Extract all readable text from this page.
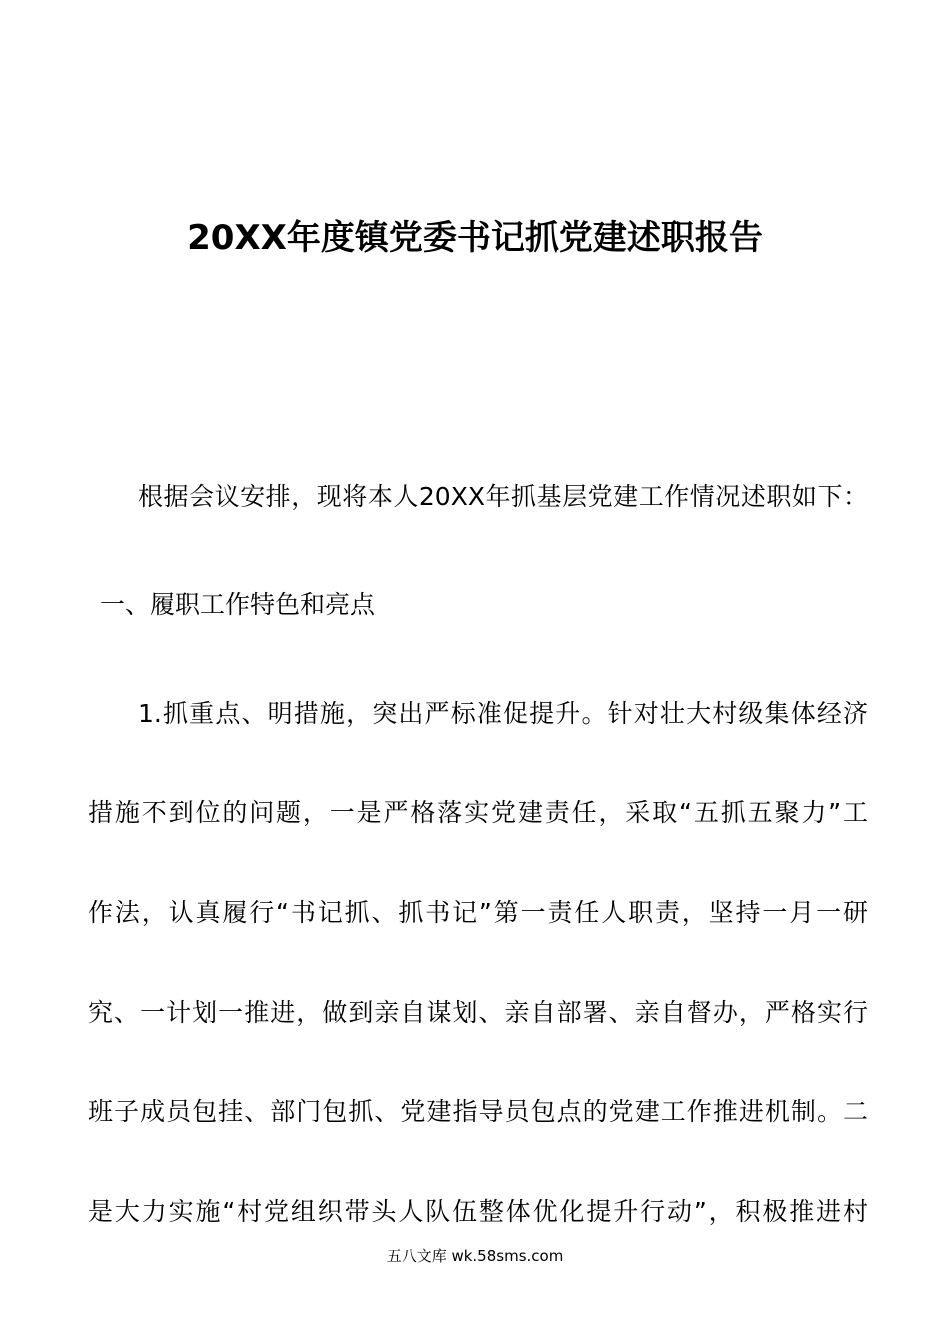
20XX年度镇党委书记抓党建述职报告
根据会议安排，现将本人20XX年抓基层党建工作情况述职如下：
一、履职工作特色和亮点
1.抓重点、明措施，突出严标准促提升。针对壮大村级集体经济
措施不到位的问题，一是严格落实党建责任，采取“五抓五聚力”工
作法，认真履行“书记抓、抓书记”第一责任人职责，坚持一月一研
究、一计划一推进，做到亲自谋划、亲自部署、亲自督办，严格实行
班子成员包挂、部门包抓、党建指导员包点的党建工作推进机制。二
是大力实施“村党组织带头人队伍整体优化提升行动”，积极推进村
五八文库 wk.58sms.com
